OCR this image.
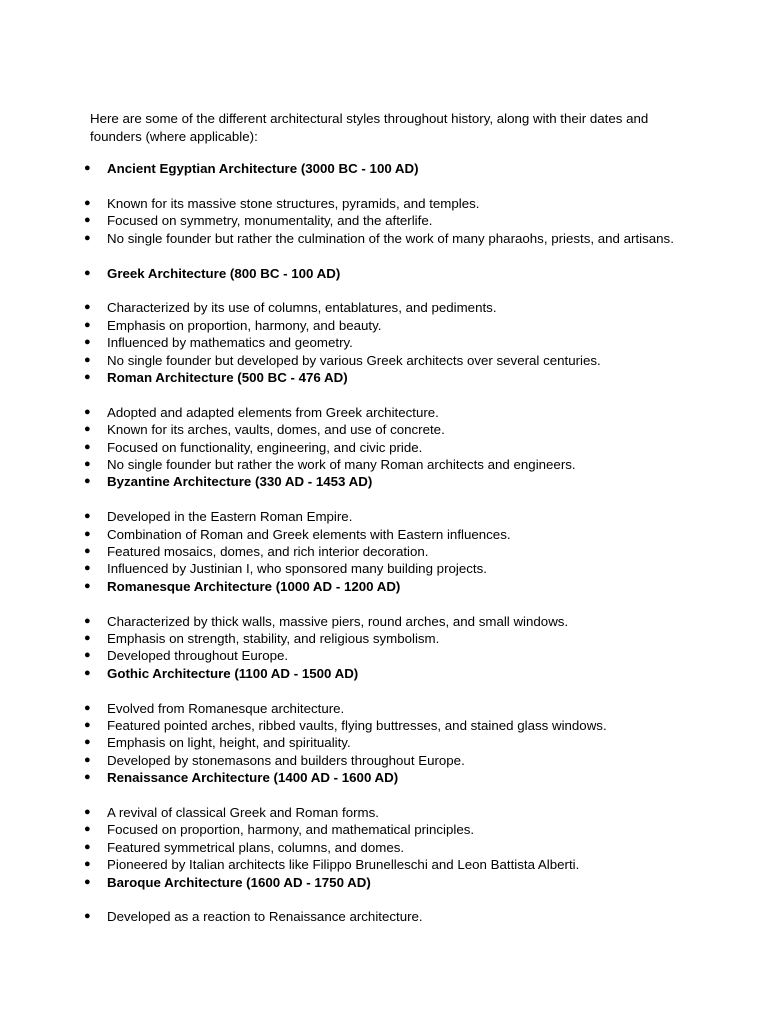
Here are some of the different architectural styles throughout history, along with their dates and founders (where applicable):

●	Ancient Egyptian Architecture (3000 BC - 100 AD)
●	Known for its massive stone structures, pyramids, and temples.
●	Focused on symmetry, monumentality, and the afterlife.
●	No single founder but rather the culmination of the work of many pharaohs, priests, and artisans.
●	Greek Architecture (800 BC - 100 AD)
●	Characterized by its use of columns, entablatures, and pediments.
●	Emphasis on proportion, harmony, and beauty.
●	Influenced by mathematics and geometry.
●	No single founder but developed by various Greek architects over several centuries.
●	Roman Architecture (500 BC - 476 AD)
●	Adopted and adapted elements from Greek architecture.
●	Known for its arches, vaults, domes, and use of concrete.
●	Focused on functionality, engineering, and civic pride.
●	No single founder but rather the work of many Roman architects and engineers.
●	Byzantine Architecture (330 AD - 1453 AD)
●	Developed in the Eastern Roman Empire.
●	Combination of Roman and Greek elements with Eastern influences.
●	Featured mosaics, domes, and rich interior decoration.
●	Influenced by Justinian I, who sponsored many building projects.
●	Romanesque Architecture (1000 AD - 1200 AD)
●	Characterized by thick walls, massive piers, round arches, and small windows.
●	Emphasis on strength, stability, and religious symbolism.
●	Developed throughout Europe.
●	Gothic Architecture (1100 AD - 1500 AD)
●	Evolved from Romanesque architecture.
●	Featured pointed arches, ribbed vaults, flying buttresses, and stained glass windows.
●	Emphasis on light, height, and spirituality.
●	Developed by stonemasons and builders throughout Europe.
●	Renaissance Architecture (1400 AD - 1600 AD)
●	A revival of classical Greek and Roman forms.
●	Focused on proportion, harmony, and mathematical principles.
●	Featured symmetrical plans, columns, and domes.
●	Pioneered by Italian architects like Filippo Brunelleschi and Leon Battista Alberti.
●	Baroque Architecture (1600 AD - 1750 AD)
●	Developed as a reaction to Renaissance architecture.
